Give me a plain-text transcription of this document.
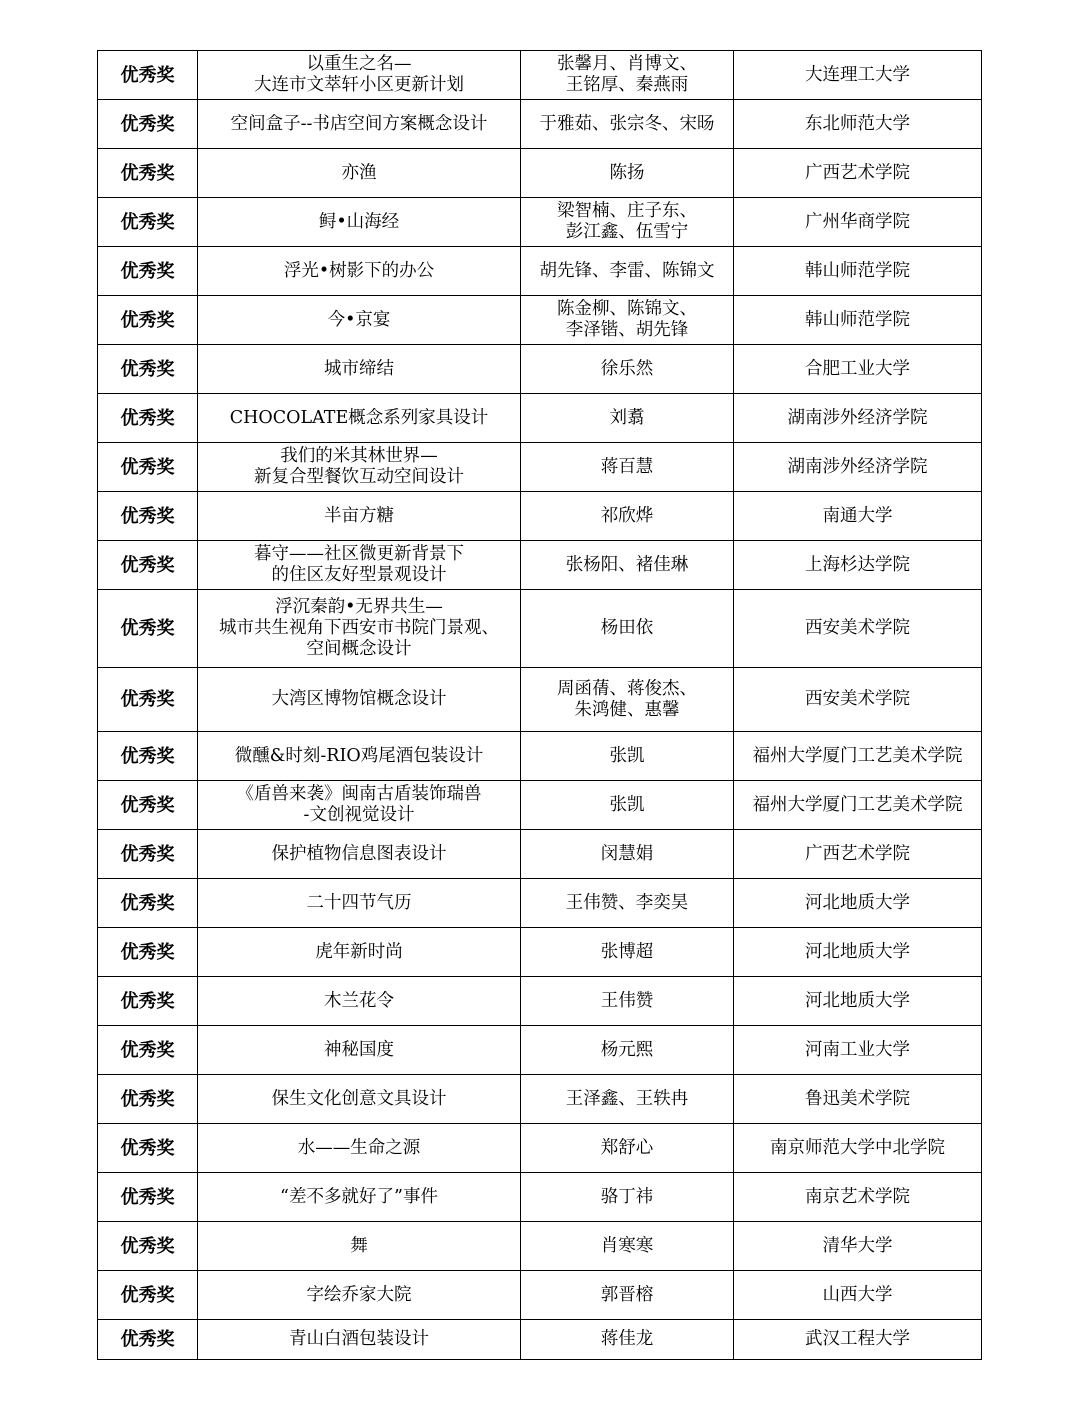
优秀奖	以重生之名—
大连市文萃轩小区更新计划	张馨月、肖博文、
王铭厚、秦燕雨	大连理工大学
优秀奖	空间盒子--书店空间方案概念设计	于雅茹、张宗冬、宋旸	东北师范大学
优秀奖	亦渔	陈扬	广西艺术学院
优秀奖	鲟•山海经	梁智楠、庄子东、
彭江鑫、伍雪宁	广州华商学院
优秀奖	浮光•树影下的办公	胡先锋、李雷、陈锦文	韩山师范学院
优秀奖	今•京宴	陈金柳、陈锦文、
李泽锴、胡先锋	韩山师范学院
优秀奖	城市缔结	徐乐然	合肥工业大学
优秀奖	CHOCOLATE概念系列家具设计	刘翥	湖南涉外经济学院
优秀奖	我们的米其林世界—
新复合型餐饮互动空间设计	蒋百慧	湖南涉外经济学院
优秀奖	半亩方糖	祁欣烨	南通大学
优秀奖	暮守——社区微更新背景下
的住区友好型景观设计	张杨阳、褚佳琳	上海杉达学院
优秀奖	浮沉秦韵•无界共生—
城市共生视角下西安市书院门景观、
空间概念设计	杨田依	西安美术学院
优秀奖	大湾区博物馆概念设计	周函蒨、蒋俊杰、
朱鸿健、惠馨	西安美术学院
优秀奖	微醺&时刻-RIO鸡尾酒包装设计	张凯	福州大学厦门工艺美术学院
优秀奖	《盾兽来袭》闽南古盾装饰瑞兽
-文创视觉设计	张凯	福州大学厦门工艺美术学院
优秀奖	保护植物信息图表设计	闵慧娟	广西艺术学院
优秀奖	二十四节气历	王伟赞、李奕昊	河北地质大学
优秀奖	虎年新时尚	张博超	河北地质大学
优秀奖	木兰花令	王伟赞	河北地质大学
优秀奖	神秘国度	杨元熙	河南工业大学
优秀奖	保生文化创意文具设计	王泽鑫、王轶冉	鲁迅美术学院
优秀奖	水——生命之源	郑舒心	南京师范大学中北学院
优秀奖	“差不多就好了”事件	骆丁祎	南京艺术学院
优秀奖	舞	肖寒寒	清华大学
优秀奖	字绘乔家大院	郭晋榕	山西大学
优秀奖	青山白酒包装设计	蒋佳龙	武汉工程大学
